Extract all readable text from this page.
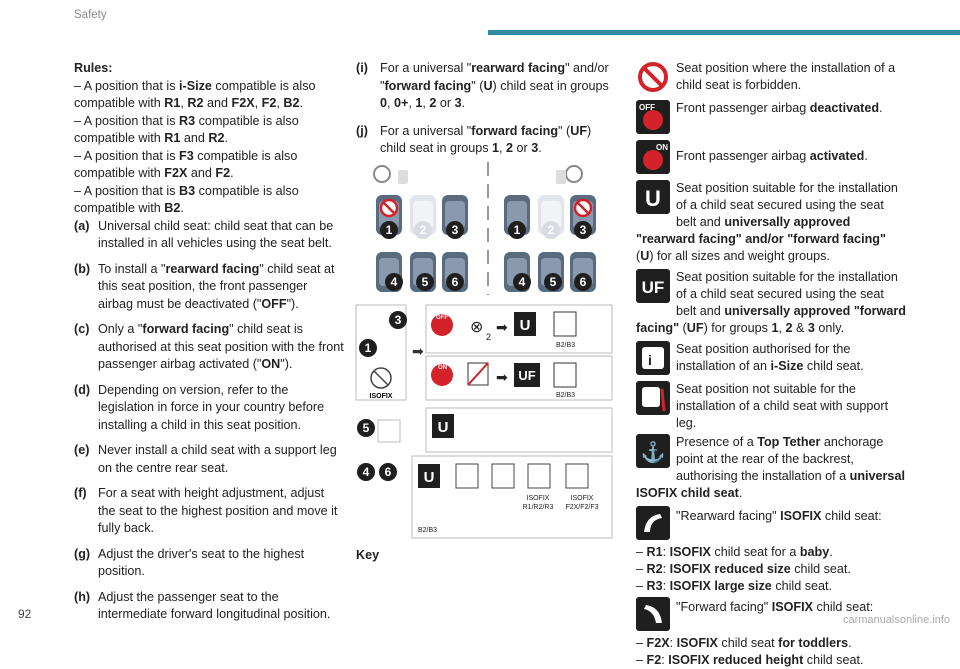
Safety

Rules:

– A position that is i-Size compatible is also compatible with R1, R2 and F2X, F2, B2.

– A position that is R3 compatible is also compatible with R1 and R2.

– A position that is F3 compatible is also compatible with F2X and F2.

– A position that is B3 compatible is also compatible with B2.

(a) Universal child seat: child seat that can be installed in all vehicles using the seat belt.
(b) To install a "rearward facing" child seat at this seat position, the front passenger airbag must be deactivated ("OFF").
(c) Only a "forward facing" child seat is authorised at this seat position with the front passenger airbag activated ("ON").
(d) Depending on version, refer to the legislation in force in your country before installing a child in this seat position.
(e) Never install a child seat with a support leg on the centre rear seat.
(f) For a seat with height adjustment, adjust the seat to the highest position and move it fully back.
(g) Adjust the driver's seat to the highest position.
(h) Adjust the passenger seat to the intermediate forward longitudinal position.
(i) For a universal "rearward facing" and/or "forward facing" (U) child seat in groups 0, 0+, 1, 2 or 3.
(j) For a universal "forward facing" (UF) child seat in groups 1, 2 or 3.
1 2 3
4 5 6
1 2 3
4 5 6
3
1
ISOFIX
➡
OFF
⊗
2
➡ U
B2/B3
ON
➡ UF
B2/B3
5	U
4 6 U
B2/B3
ISOFIX
R1/R2/R3
ISOFIX
F2X/F2/F3
Key
Seat position where the installation of a child seat is forbidden.
OFF	Front passenger airbag deactivated.
ON
Front passenger airbag activated.
U	Seat position suitable for the installation of a child seat secured using the seat belt and universally approved "rearward facing" and/or "forward facing" (U) for all sizes and weight groups.
UF
Seat position suitable for the installation of a child seat secured using the seat belt and universally approved "forward facing" (UF) for groups 1, 2 & 3 only.
i
Seat position authorised for the installation of an i-Size child seat.
Seat position not suitable for the installation of a child seat with support leg.
⚓ Presence of a Top Tether anchorage point at the rear of the backrest, authorising the installation of a universal ISOFIX child seat.
"Rearward facing" ISOFIX child seat:

– R1: ISOFIX child seat for a baby.

– R2: ISOFIX reduced size child seat.

– R3: ISOFIX large size child seat.

"Forward facing" ISOFIX child seat:

– F2X: ISOFIX child seat for toddlers.

– F2: ISOFIX reduced height child seat.

92	carmanualsonline.info
